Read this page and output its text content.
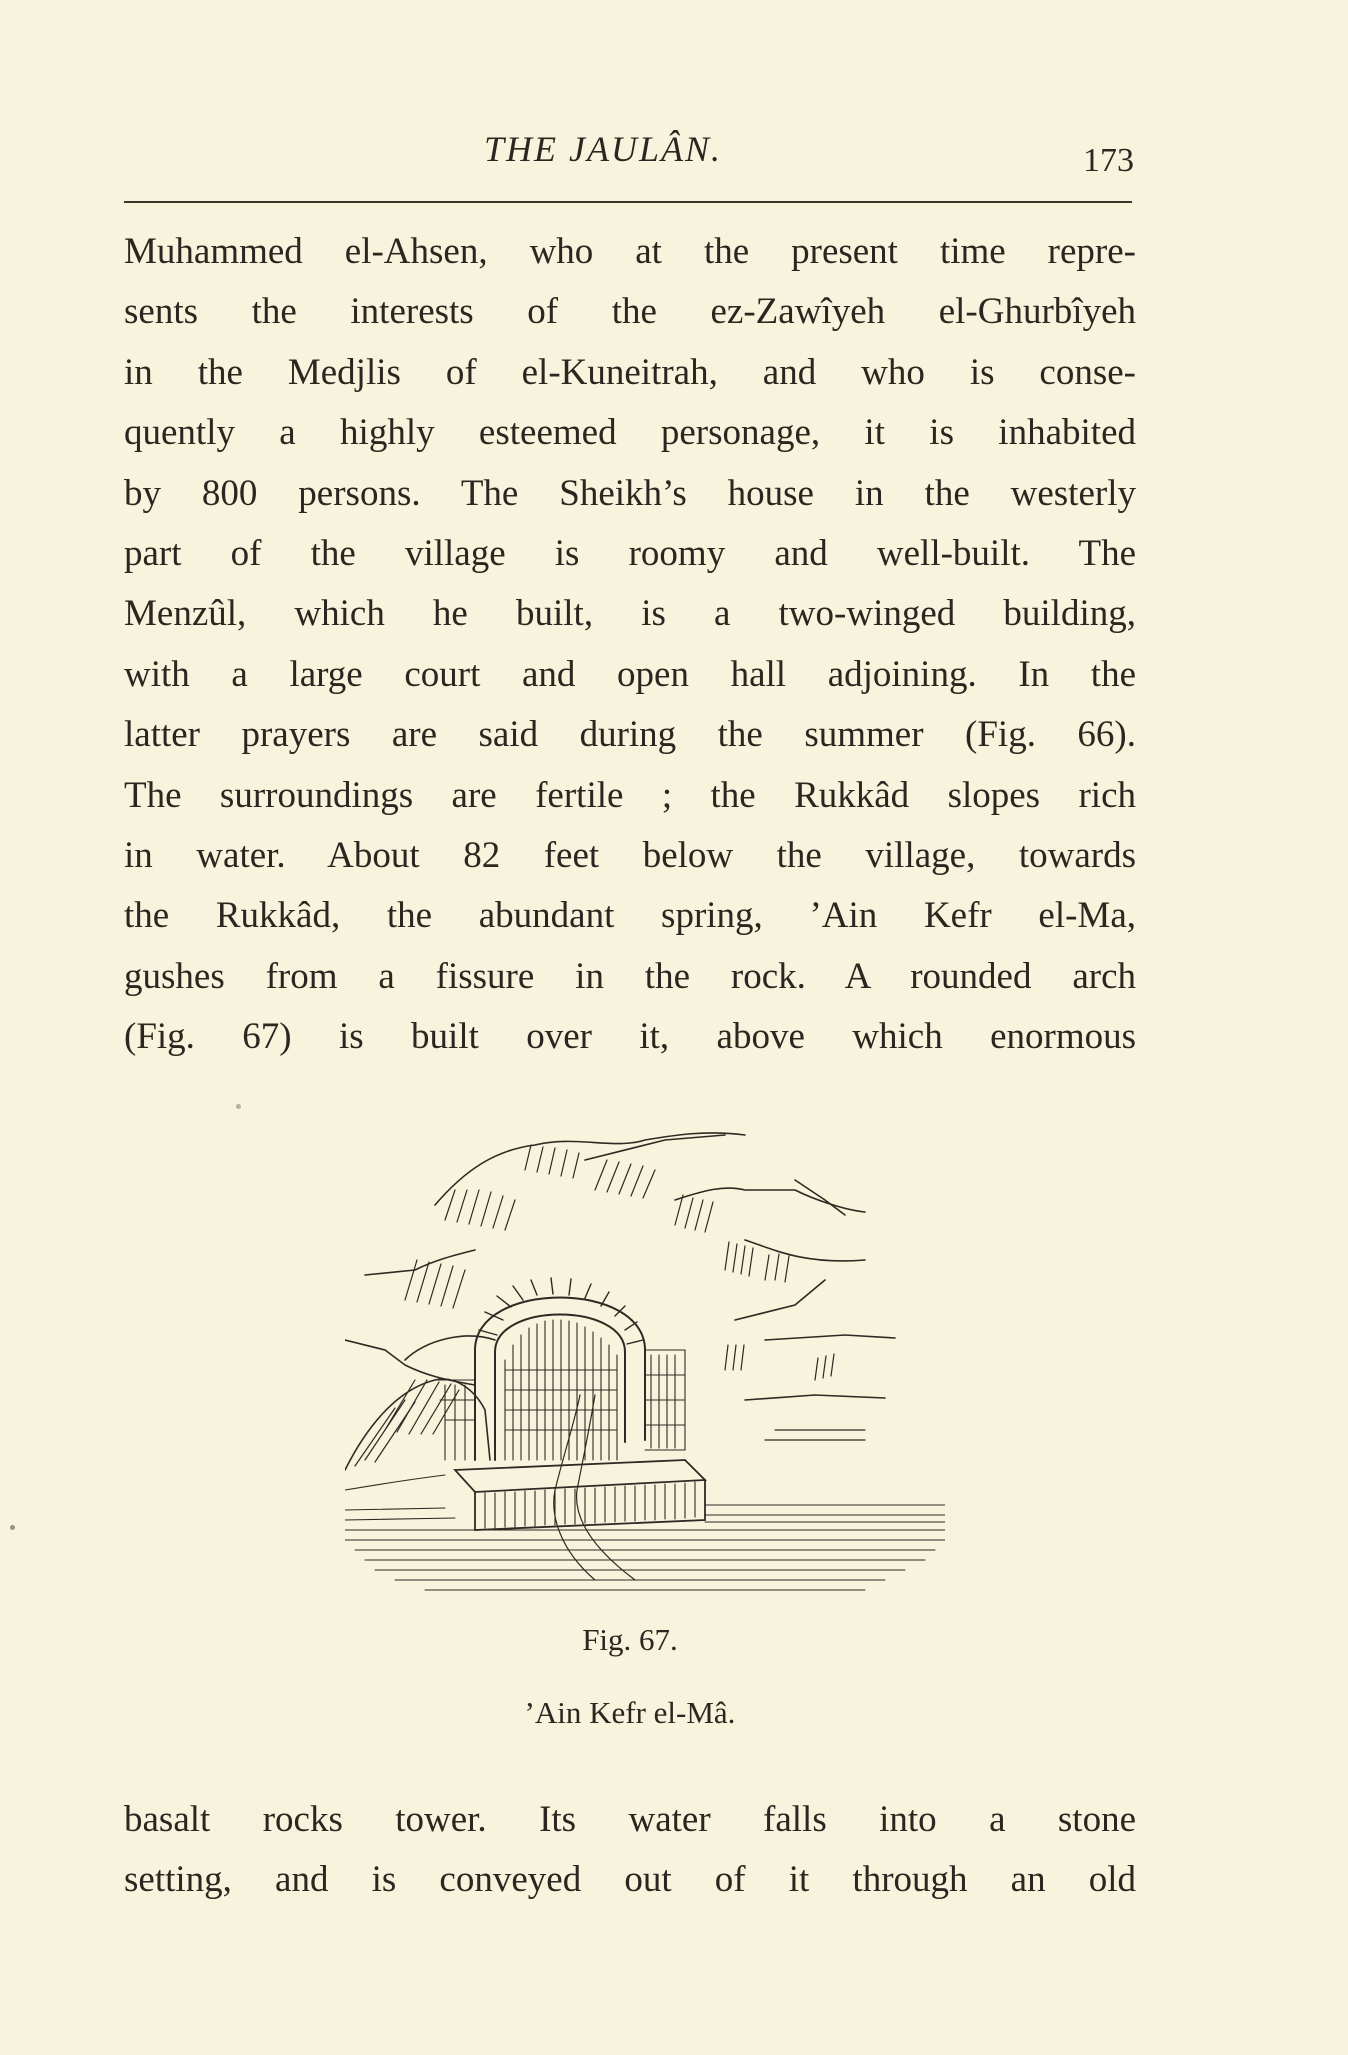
THE JAULÂN.	173
Muhammed el-Ahsen, who at the present time repre-
sents the interests of the ez-Zawîyeh el-Ghurbîyeh
in the Medjlis of el-Kuneitrah, and who is conse-
quently a highly esteemed personage, it is inhabited
by 800 persons. The Sheikh’s house in the westerly
part of the village is roomy and well-built. The
Menzûl, which he built, is a two-winged building,
with a large court and open hall adjoining. In the
latter prayers are said during the summer (Fig. 66).
The surroundings are fertile ; the Rukkâd slopes rich
in water. About 82 feet below the village, towards
the Rukkâd, the abundant spring, ’Ain Kefr el-Ma,
gushes from a fissure in the rock. A rounded arch
(Fig. 67) is built over it, above which enormous
Fig. 67.
’Ain Kefr el-Mâ.
basalt rocks tower. Its water falls into a stone
setting, and is conveyed out of it through an old
